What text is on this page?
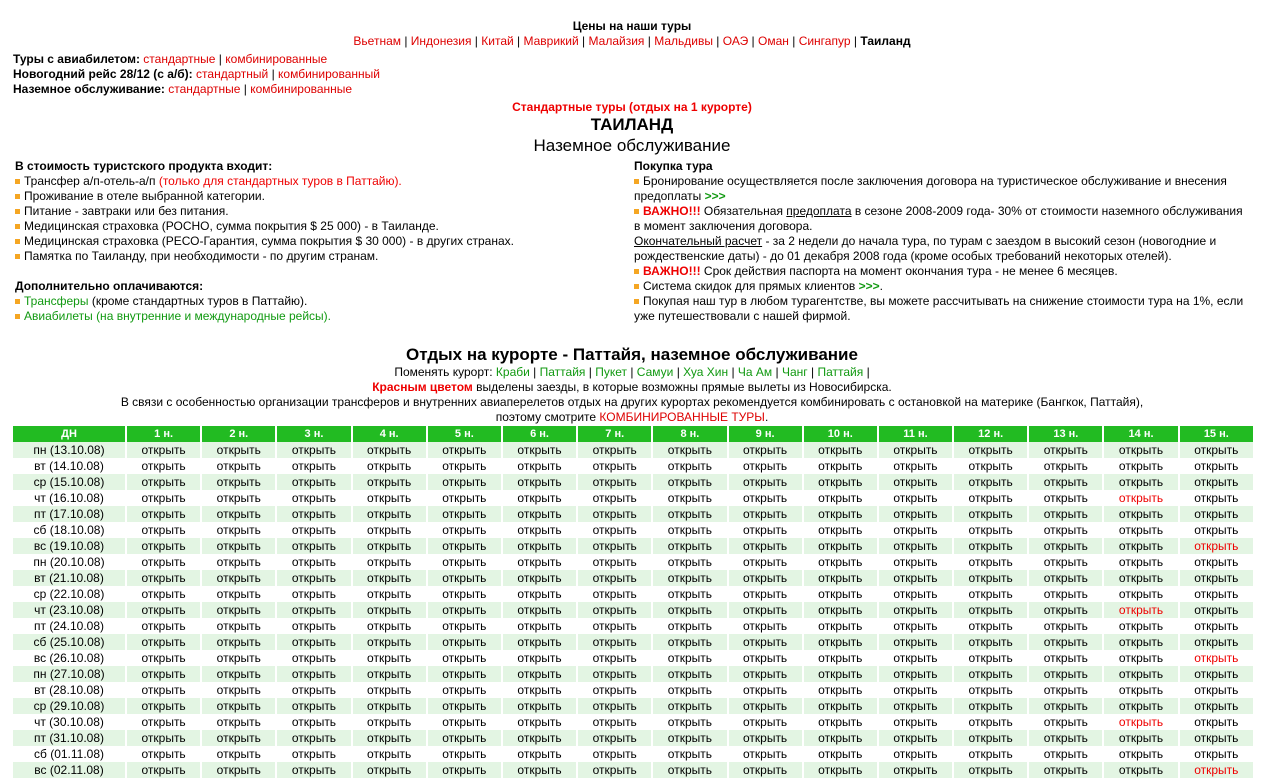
Цены на наши туры
Вьетнам | Индонезия | Китай | Маврикий | Малайзия | Мальдивы | ОАЭ | Оман | Сингапур | Таиланд
Туры с авиабилетом: стандартные | комбинированные
Новогодний рейс 28/12 (с а/б): стандартный | комбинированный
Наземное обслуживание: стандартные | комбинированные
Стандартные туры (отдых на 1 курорте)
ТАИЛАНД
Наземное обслуживание
В стоимость туристского продукта входит:
Трансфер а/п-отель-а/п (только для стандартных туров в Паттайю).
Проживание в отеле выбранной категории.
Питание - завтраки или без питания.
Медицинская страховка (РОСНО, сумма покрытия $ 25 000) - в Таиланде.
Медицинская страховка (РЕСО-Гарантия, сумма покрытия $ 30 000) - в других странах.
Памятка по Таиланду, при необходимости - по другим странам.
Дополнительно оплачиваются:
Трансферы (кроме стандартных туров в Паттайю).
Авиабилеты (на внутренние и международные рейсы).
Покупка тура
Бронирование осуществляется после заключения договора на туристическое обслуживание и внесения предоплаты >>>
ВАЖНО!!! Обязательная предоплата в сезоне 2008-2009 года- 30% от стоимости наземного обслуживания в момент заключения договора.
Окончательный расчет - за 2 недели до начала тура, по турам с заездом в высокий сезон (новогодние и рождественские даты) - до 01 декабря 2008 года (кроме особых требований некоторых отелей).
ВАЖНО!!! Срок действия паспорта на момент окончания тура - не менее 6 месяцев.
Система скидок для прямых клиентов >>>.
Покупая наш тур в любом турагентстве, вы можете рассчитывать на снижение стоимости тура на 1%, если уже путешествовали с нашей фирмой.
Отдых на курорте - Паттайя, наземное обслуживание
Поменять курорт: Краби | Паттайя | Пукет | Самуи | Хуа Хин | Ча Ам | Чанг | Паттайя |
Красным цветом выделены заезды, в которые возможны прямые вылеты из Новосибирска.
В связи с особенностью организации трансферов и внутренних авиаперелетов отдых на других курортах рекомендуется комбинировать с остановкой на материке (Бангкок, Паттайя),
поэтому смотрите КОМБИНИРОВАННЫЕ ТУРЫ.
ДН	1 н.	2 н.	3 н.	4 н.	5 н.	6 н.	7 н.	8 н.	9 н.	10 н.	11 н.	12 н.	13 н.	14 н.	15 н.
пн (13.10.08)	открыть	открыть	открыть	открыть	открыть	открыть	открыть	открыть	открыть	открыть	открыть	открыть	открыть	открыть	открыть
вт (14.10.08)	открыть	открыть	открыть	открыть	открыть	открыть	открыть	открыть	открыть	открыть	открыть	открыть	открыть	открыть	открыть
ср (15.10.08)	открыть	открыть	открыть	открыть	открыть	открыть	открыть	открыть	открыть	открыть	открыть	открыть	открыть	открыть	открыть
чт (16.10.08)	открыть	открыть	открыть	открыть	открыть	открыть	открыть	открыть	открыть	открыть	открыть	открыть	открыть	открыть	открыть
пт (17.10.08)	открыть	открыть	открыть	открыть	открыть	открыть	открыть	открыть	открыть	открыть	открыть	открыть	открыть	открыть	открыть
сб (18.10.08)	открыть	открыть	открыть	открыть	открыть	открыть	открыть	открыть	открыть	открыть	открыть	открыть	открыть	открыть	открыть
вс (19.10.08)	открыть	открыть	открыть	открыть	открыть	открыть	открыть	открыть	открыть	открыть	открыть	открыть	открыть	открыть	открыть
пн (20.10.08)	открыть	открыть	открыть	открыть	открыть	открыть	открыть	открыть	открыть	открыть	открыть	открыть	открыть	открыть	открыть
вт (21.10.08)	открыть	открыть	открыть	открыть	открыть	открыть	открыть	открыть	открыть	открыть	открыть	открыть	открыть	открыть	открыть
ср (22.10.08)	открыть	открыть	открыть	открыть	открыть	открыть	открыть	открыть	открыть	открыть	открыть	открыть	открыть	открыть	открыть
чт (23.10.08)	открыть	открыть	открыть	открыть	открыть	открыть	открыть	открыть	открыть	открыть	открыть	открыть	открыть	открыть	открыть
пт (24.10.08)	открыть	открыть	открыть	открыть	открыть	открыть	открыть	открыть	открыть	открыть	открыть	открыть	открыть	открыть	открыть
сб (25.10.08)	открыть	открыть	открыть	открыть	открыть	открыть	открыть	открыть	открыть	открыть	открыть	открыть	открыть	открыть	открыть
вс (26.10.08)	открыть	открыть	открыть	открыть	открыть	открыть	открыть	открыть	открыть	открыть	открыть	открыть	открыть	открыть	открыть
пн (27.10.08)	открыть	открыть	открыть	открыть	открыть	открыть	открыть	открыть	открыть	открыть	открыть	открыть	открыть	открыть	открыть
вт (28.10.08)	открыть	открыть	открыть	открыть	открыть	открыть	открыть	открыть	открыть	открыть	открыть	открыть	открыть	открыть	открыть
ср (29.10.08)	открыть	открыть	открыть	открыть	открыть	открыть	открыть	открыть	открыть	открыть	открыть	открыть	открыть	открыть	открыть
чт (30.10.08)	открыть	открыть	открыть	открыть	открыть	открыть	открыть	открыть	открыть	открыть	открыть	открыть	открыть	открыть	открыть
пт (31.10.08)	открыть	открыть	открыть	открыть	открыть	открыть	открыть	открыть	открыть	открыть	открыть	открыть	открыть	открыть	открыть
сб (01.11.08)	открыть	открыть	открыть	открыть	открыть	открыть	открыть	открыть	открыть	открыть	открыть	открыть	открыть	открыть	открыть
вс (02.11.08)	открыть	открыть	открыть	открыть	открыть	открыть	открыть	открыть	открыть	открыть	открыть	открыть	открыть	открыть	открыть
